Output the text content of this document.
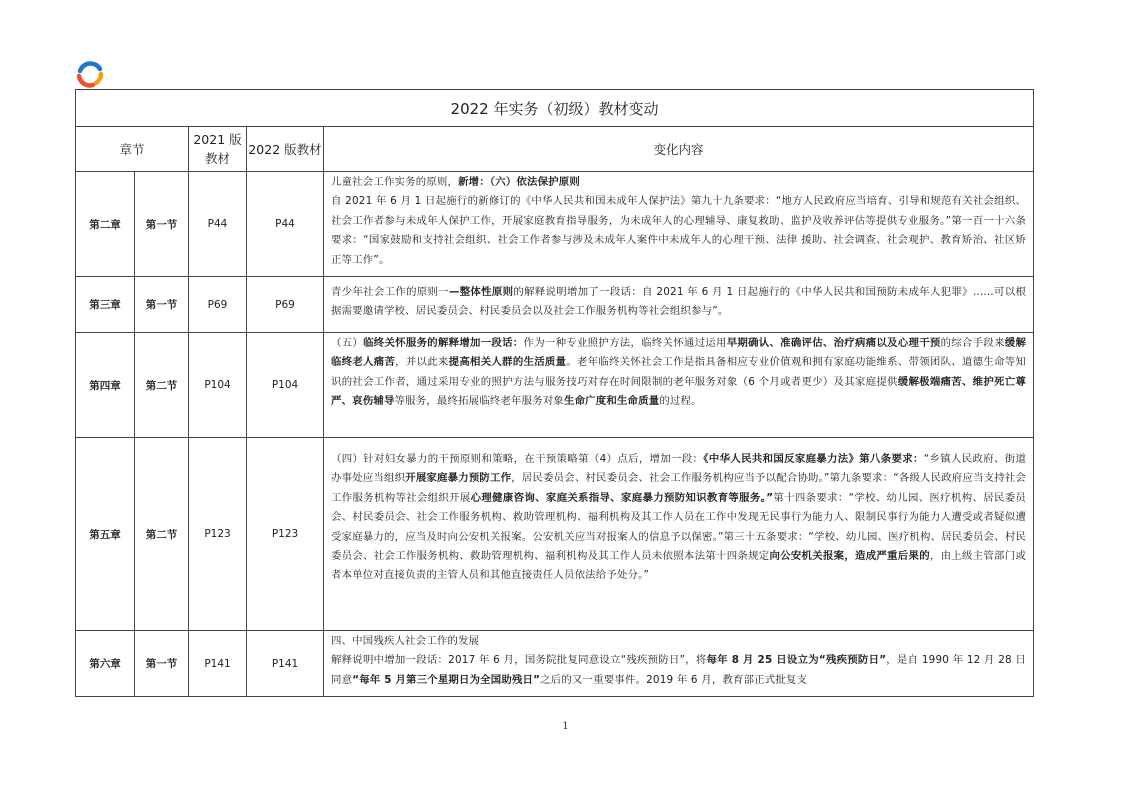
2022 年实务（初级）教材变动				
章节		2021 版教材	2022 版教材	变化内容
第二章	第一节	P44	P44	儿童社会工作实务的原则，新增：（六）依法保护原则

自 2021 年 6 月 1 日起施行的新修订的《中华人民共和国未成年人保护法》第九十九条要求：“地方人民政府应当培育、引导和规范有关社会组织、社会工作者参与未成年人保护工作，开展家庭教育指导服务，为未成年人的心理辅导、康复救助、监护及收养评估等提供专业服务。”第一百一十六条要求：“国家鼓励和支持社会组织、社会工作者参与涉及未成年人案件中未成年人的心理干预、法律 援助、社会调查、社会观护、教育矫治、社区矫正等工作”。

第三章	第一节	P69	P69	青少年社会工作的原则一—整体性原则的解释说明增加了一段话：自 2021 年 6 月 1 日起施行的《中华人民共和国预防未成年人犯罪》......可以根据需要邀请学校、居民委员会、村民委员会以及社会工作服务机构等社会组织参与”。
第四章	第二节	P104	P104	（五）临终关怀服务的解释增加一段话：作为一种专业照护方法，临终关怀通过运用早期确认、准确评估、治疗病痛以及心理干预的综合手段来缓解临终老人痛苦，并以此来提高相关人群的生活质量。老年临终关怀社会工作是指具备相应专业价值观和拥有家庭功能维系、带领团队、道德生命等知识的社会工作者，通过采用专业的照护方法与服务技巧对存在时间限制的老年服务对象（6 个月或者更少）及其家庭提供缓解极端痛苦、维护死亡尊严、哀伤辅导等服务，最终拓展临终老年服务对象生命广度和生命质量的过程。
第五章	第二节	P123	P123	（四）针对妇女暴力的干预原则和策略，在干预策略第（4）点后，增加一段：《中华人民共和国反家庭暴力法》第八条要求：“乡镇人民政府、街道办事处应当组织开展家庭暴力预防工作，居民委员会、村民委员会、社会工作服务机构应当予以配合协助。”第九条要求：“各级人民政府应当支持社会工作服务机构等社会组织开展心理健康咨询、家庭关系指导、家庭暴力预防知识教育等服务。”第十四条要求：“学校、幼儿园、医疗机构、居民委员会、村民委员会、社会工作服务机构、救助管理机构、福利机构及其工作人员在工作中发现无民事行为能力人、限制民事行为能力人遭受或者疑似遭受家庭暴力的，应当及时向公安机关报案。公安机关应当对报案人的信息予以保密。”第三十五条要求：“学校、幼儿园、医疗机构、居民委员会、村民委员会、社会工作服务机构、救助管理机构、福利机构及其工作人员未依照本法第十四条规定向公安机关报案，造成严重后果的，由上级主管部门或者本单位对直接负责的主管人员和其他直接责任人员依法给予处分。”
第六章	第一节	P141	P141	四、中国残疾人社会工作的发展

解释说明中增加一段话：2017 年 6 月，国务院批复同意设立“残疾预防日”，将每年 8 月 25 日设立为“残疾预防日”，是自 1990 年 12 月 28 日同意“每年 5 月第三个星期日为全国助残日”之后的又一重要事件。2019 年 6 月，教育部正式批复支

1
